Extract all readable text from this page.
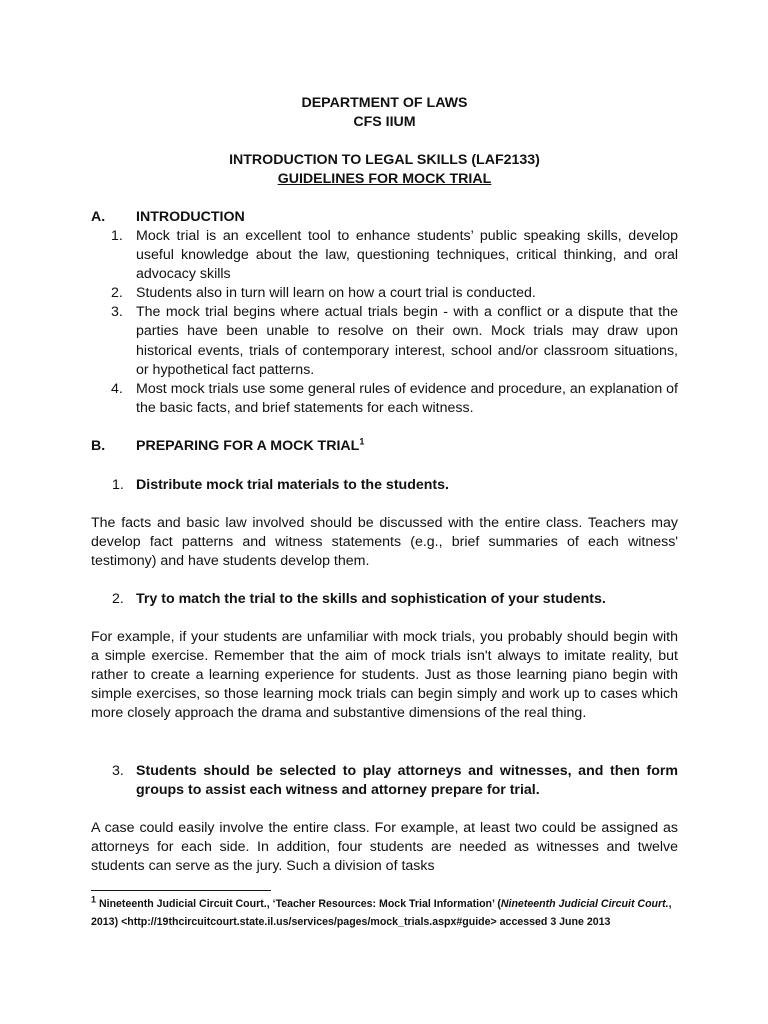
DEPARTMENT OF LAWS
CFS IIUM
INTRODUCTION TO LEGAL SKILLS (LAF2133)
GUIDELINES FOR MOCK TRIAL
A. INTRODUCTION
1. Mock trial is an excellent tool to enhance students’ public speaking skills, develop useful knowledge about the law, questioning techniques, critical thinking, and oral advocacy skills
2. Students also in turn will learn on how a court trial is conducted.
3. The mock trial begins where actual trials begin - with a conflict or a dispute that the parties have been unable to resolve on their own. Mock trials may draw upon historical events, trials of contemporary interest, school and/or classroom situations, or hypothetical fact patterns.
4. Most mock trials use some general rules of evidence and procedure, an explanation of the basic facts, and brief statements for each witness.
B. PREPARING FOR A MOCK TRIAL$^1$
1. Distribute mock trial materials to the students.
The facts and basic law involved should be discussed with the entire class. Teachers may develop fact patterns and witness statements (e.g., brief summaries of each witness' testimony) and have students develop them.
2. Try to match the trial to the skills and sophistication of your students.
For example, if your students are unfamiliar with mock trials, you probably should begin with a simple exercise. Remember that the aim of mock trials isn't always to imitate reality, but rather to create a learning experience for students. Just as those learning piano begin with simple exercises, so those learning mock trials can begin simply and work up to cases which more closely approach the drama and substantive dimensions of the real thing.
3. Students should be selected to play attorneys and witnesses, and then form groups to assist each witness and attorney prepare for trial.
A case could easily involve the entire class. For example, at least two could be assigned as attorneys for each side. In addition, four students are needed as witnesses and twelve students can serve as the jury. Such a division of tasks
$^1$ Nineteenth Judicial Circuit Court., ‘Teacher Resources: Mock Trial Information’ (Nineteenth Judicial Circuit Court., 2013) <http://19thcircuitcourt.state.il.us/services/pages/mock_trials.aspx#guide> accessed 3 June 2013
